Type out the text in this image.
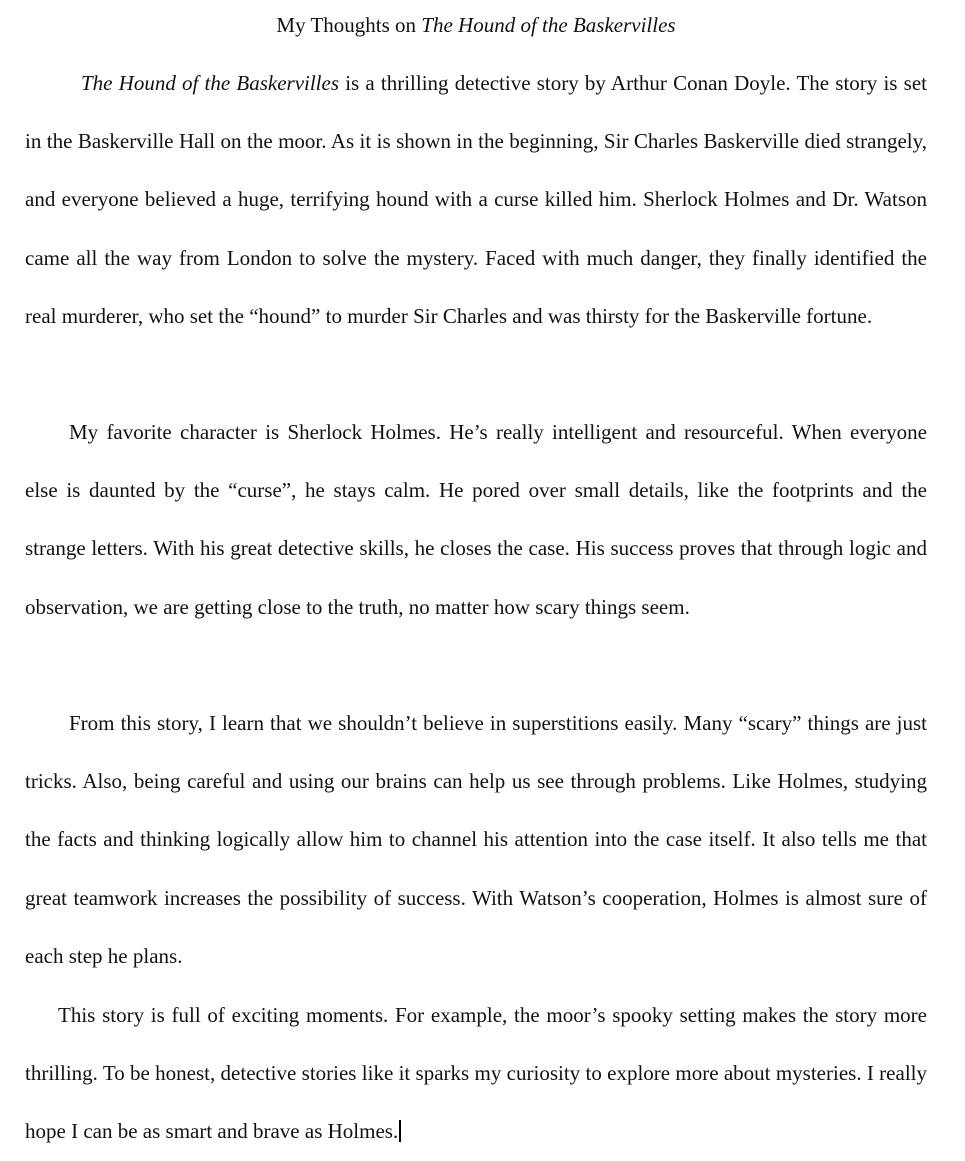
My Thoughts on The Hound of the Baskervilles

The Hound of the Baskervilles is a thrilling detective story by Arthur Conan Doyle. The story is set in the Baskerville Hall on the moor. As it is shown in the beginning, Sir Charles Baskerville died strangely, and everyone believed a huge, terrifying hound with a curse killed him. Sherlock Holmes and Dr. Watson came all the way from London to solve the mystery. Faced with much danger, they finally identified the real murderer, who set the “hound” to murder Sir Charles and was thirsty for the Baskerville fortune.

My favorite character is Sherlock Holmes. He’s really intelligent and resourceful. When everyone else is daunted by the “curse”, he stays calm. He pored over small details, like the footprints and the strange letters. With his great detective skills, he closes the case. His success proves that through logic and observation, we are getting close to the truth, no matter how scary things seem.

From this story, I learn that we shouldn’t believe in superstitions easily. Many “scary” things are just tricks. Also, being careful and using our brains can help us see through problems. Like Holmes, studying the facts and thinking logically allow him to channel his attention into the case itself. It also tells me that great teamwork increases the possibility of success. With Watson’s cooperation, Holmes is almost sure of each step he plans.

This story is full of exciting moments. For example, the moor’s spooky setting makes the story more thrilling. To be honest, detective stories like it sparks my curiosity to explore more about mysteries. I really hope I can be as smart and brave as Holmes.
